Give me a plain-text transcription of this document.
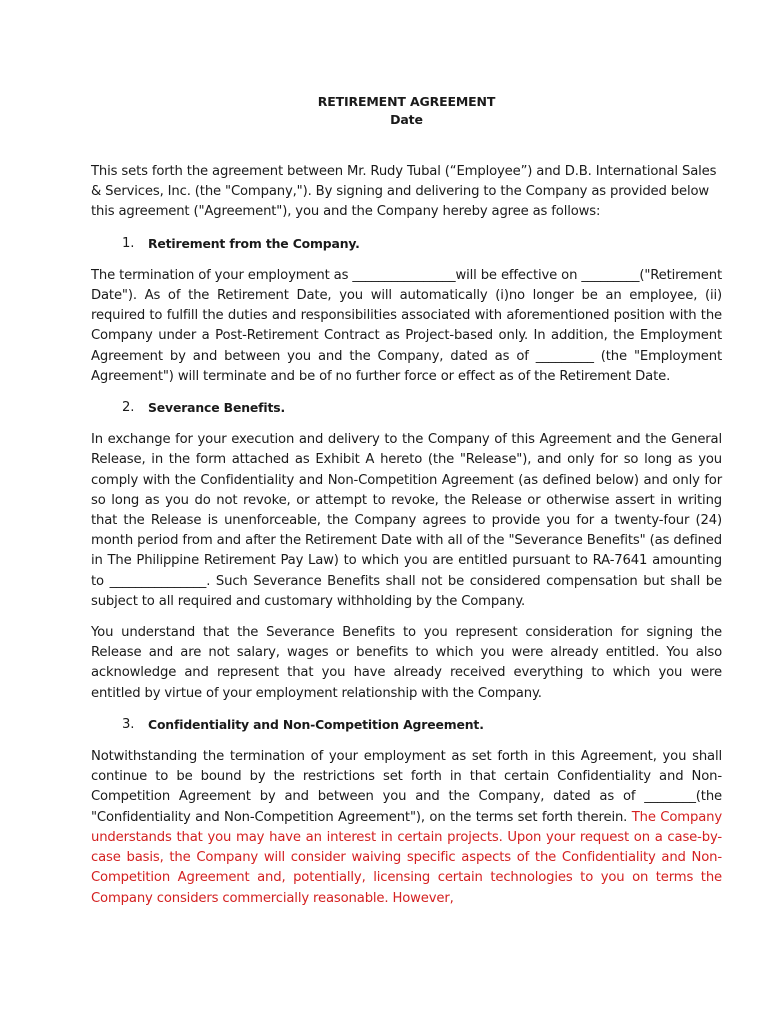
RETIREMENT AGREEMENT

Date

This sets forth the agreement between Mr. Rudy Tubal (“Employee”) and D.B. International Sales & Services, Inc. (the "Company,"). By signing and delivering to the Company as provided below this agreement ("Agreement"), you and the Company hereby agree as follows:

1.	Retirement from the Company.

The termination of your employment as ________________will be effective on _________("Retirement Date"). As of the Retirement Date, you will automatically (i)no longer be an employee, (ii) required to fulfill the duties and responsibilities associated with aforementioned position with the Company under a Post-Retirement Contract as Project-based only. In addition, the Employment Agreement by and between you and the Company, dated as of _________ (the "Employment Agreement") will terminate and be of no further force or effect as of the Retirement Date.

2.	Severance Benefits.

In exchange for your execution and delivery to the Company of this Agreement and the General Release, in the form attached as Exhibit A hereto (the "Release"), and only for so long as you comply with the Confidentiality and Non-Competition Agreement (as defined below) and only for so long as you do not revoke, or attempt to revoke, the Release or otherwise assert in writing that the Release is unenforceable, the Company agrees to provide you for a twenty-four (24) month period from and after the Retirement Date with all of the "Severance Benefits" (as defined in The Philippine Retirement Pay Law) to which you are entitled pursuant to RA-7641 amounting to _______________. Such Severance Benefits shall not be considered compensation but shall be subject to all required and customary withholding by the Company.

You understand that the Severance Benefits to you represent consideration for signing the Release and are not salary, wages or benefits to which you were already entitled. You also acknowledge and represent that you have already received everything to which you were entitled by virtue of your employment relationship with the Company.

3.	Confidentiality and Non-Competition Agreement.

Notwithstanding the termination of your employment as set forth in this Agreement, you shall continue to be bound by the restrictions set forth in that certain Confidentiality and Non-Competition Agreement by and between you and the Company, dated as of ________(the "Confidentiality and Non-Competition Agreement"), on the terms set forth therein. The Company understands that you may have an interest in certain projects. Upon your request on a case-by-case basis, the Company will consider waiving specific aspects of the Confidentiality and Non-Competition Agreement and, potentially, licensing certain technologies to you on terms the Company considers commercially reasonable. However,
